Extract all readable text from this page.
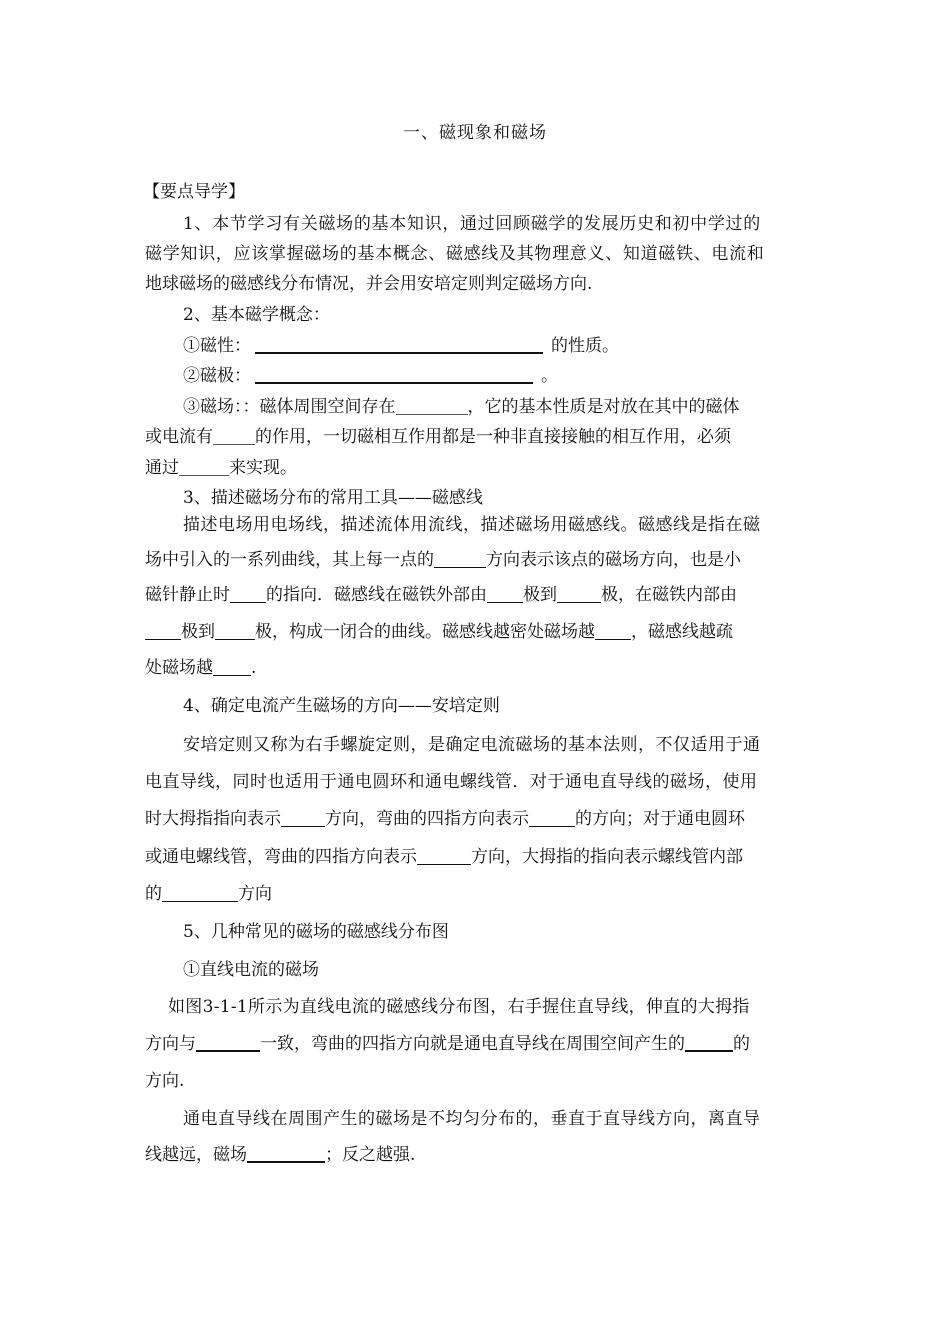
一、磁现象和磁场
【要点导学】
1、本节学习有关磁场的基本知识，通过回顾磁学的发展历史和初中学过的
磁学知识，应该掌握磁场的基本概念、磁感线及其物理意义、知道磁铁、电流和
地球磁场的磁感线分布情况，并会用安培定则判定磁场方向.
2、基本磁学概念：
①磁性：	的性质。
②磁极：	。
③磁场：：磁体周围空间存在	，它的基本性质是对放在其中的磁体
或电流有 的作用，一切磁相互作用都是一种非直接接触的相互作用，必须
通过	来实现。
3、描述磁场分布的常用工具——磁感线
描述电场用电场线，描述流体用流线，描述磁场用磁感线。磁感线是指在磁
场中引入的一系列曲线，其上每一点的	方向表示该点的磁场方向，也是小
磁针静止时 的指向．磁感线在磁铁外部由 极到	极，在磁铁内部由
极到 极，构成一闭合的曲线。磁感线越密处磁场越 ，磁感线越疏
处磁场越 .
4、确定电流产生磁场的方向——安培定则
安培定则又称为右手螺旋定则，是确定电流磁场的基本法则，不仅适用于通
电直导线，同时也适用于通电圆环和通电螺线管．对于通电直导线的磁场，使用
时大拇指指向表示	方向，弯曲的四指方向表示	的方向；对于通电圆环
或通电螺线管，弯曲的四指方向表示	方向，大拇指的指向表示螺线管内部
的	方向
5、几种常见的磁场的磁感线分布图
①直线电流的磁场
如图3-1-1所示为直线电流的磁感线分布图，右手握住直导线，伸直的大拇指
方向与	一致，弯曲的四指方向就是通电直导线在周围空间产生的	的
方向.
通电直导线在周围产生的磁场是不均匀分布的，垂直于直导线方向，离直导
线越远，磁场	；反之越强.
